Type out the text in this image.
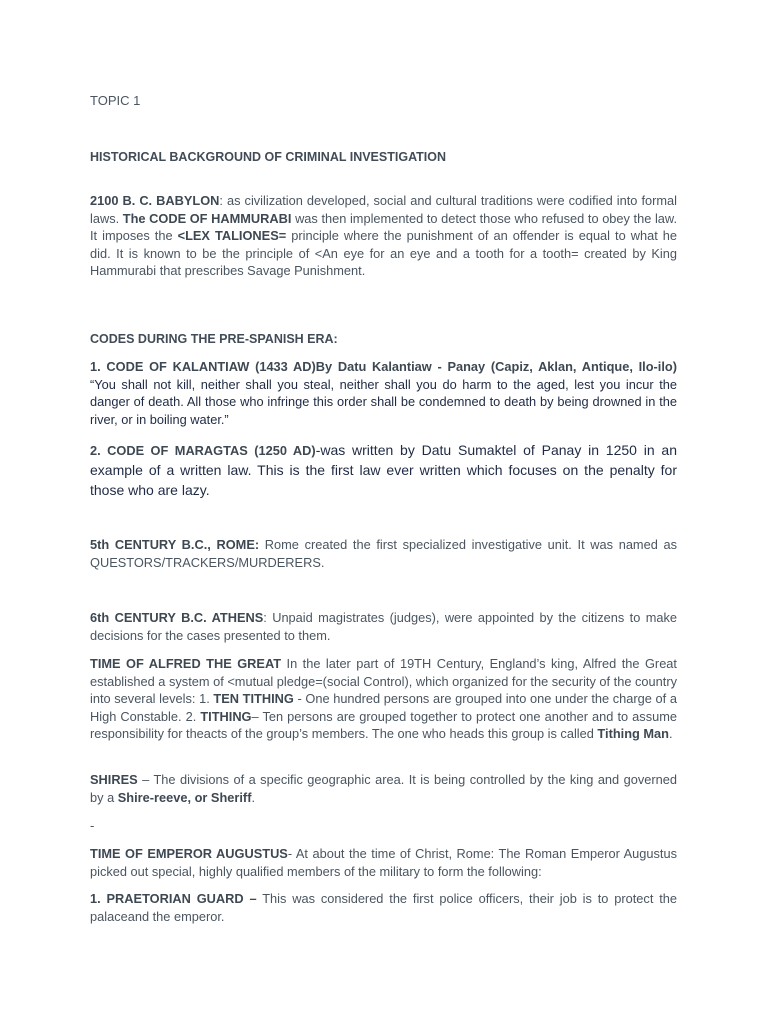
TOPIC 1
HISTORICAL BACKGROUND OF CRIMINAL INVESTIGATION

2100 B. C. BABYLON: as civilization developed, social and cultural traditions were codified into formal laws. The CODE OF HAMMURABI was then implemented to detect those who refused to obey the law. It imposes the <LEX TALIONES= principle where the punishment of an offender is equal to what he did. It is known to be the principle of <An eye for an eye and a tooth for a tooth= created by King Hammurabi that prescribes Savage Punishment.

CODES DURING THE PRE-SPANISH ERA:

1. CODE OF KALANTIAW (1433 AD)By Datu Kalantiaw - Panay (Capiz, Aklan, Antique, Ilo-ilo) “You shall not kill, neither shall you steal, neither shall you do harm to the aged, lest you incur the danger of death. All those who infringe this order shall be condemned to death by being drowned in the river, or in boiling water.”

2. CODE OF MARAGTAS (1250 AD)-was written by Datu Sumaktel of Panay in 1250 in an example of a written law. This is the first law ever written which focuses on the penalty for those who are lazy.

5th CENTURY B.C., ROME: Rome created the first specialized investigative unit. It was named as QUESTORS/TRACKERS/MURDERERS.

6th CENTURY B.C. ATHENS: Unpaid magistrates (judges), were appointed by the citizens to make decisions for the cases presented to them.

TIME OF ALFRED THE GREAT In the later part of 19TH Century, England’s king, Alfred the Great established a system of <mutual pledge=(social Control), which organized for the security of the country into several levels: 1. TEN TITHING - One hundred persons are grouped into one under the charge of a High Constable. 2. TITHING– Ten persons are grouped together to protect one another and to assume responsibility for theacts of the group’s members. The one who heads this group is called Tithing Man.

SHIRES – The divisions of a specific geographic area. It is being controlled by the king and governed by a Shire-reeve, or Sheriff.

-

TIME OF EMPEROR AUGUSTUS- At about the time of Christ, Rome: The Roman Emperor Augustus picked out special, highly qualified members of the military to form the following:

1. PRAETORIAN GUARD – This was considered the first police officers, their job is to protect the palaceand the emperor.
